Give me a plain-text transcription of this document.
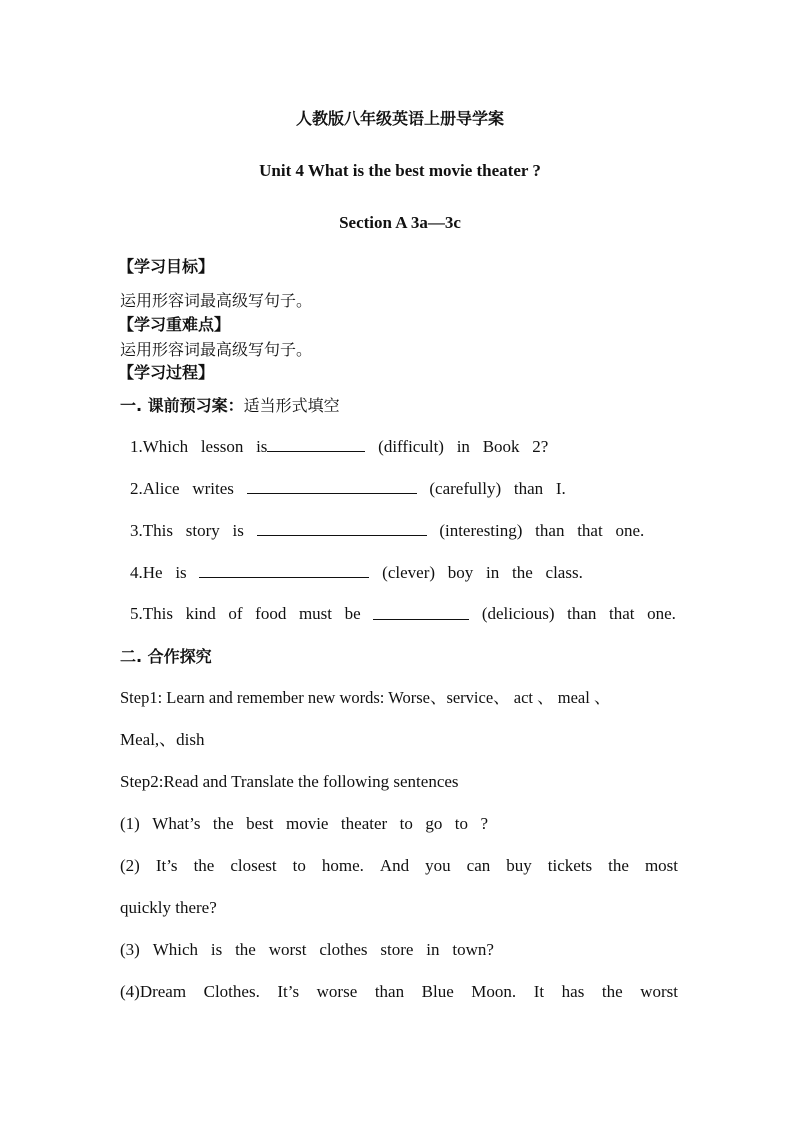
人教版八年级英语上册导学案
Unit 4 What is the best movie theater ?
Section A 3a—3c
【学习目标】
运用形容词最高级写句子。
【学习重难点】
运用形容词最高级写句子。
【学习过程】
一. 课前预习案：适当形式填空
1.Which lesson is	(difficult) in Book 2?
2.Alice writes	(carefully) than I.
3.This story is	(interesting) than that one.
4.He is	(clever) boy in the class.
5.This kind of food must be	(delicious) than that one.
二. 合作探究
Step1: Learn and remember new words: Worse、service、 act 、 meal 、
Meal,、dish
Step2:Read and Translate the following sentences
(1) What’s the best movie theater to go to ?
(2) It’s the closest to home. And you can buy tickets the most
quickly there?
(3) Which is the worst clothes store in town?
(4)Dream Clothes. It’s worse than Blue Moon. It has the worst
